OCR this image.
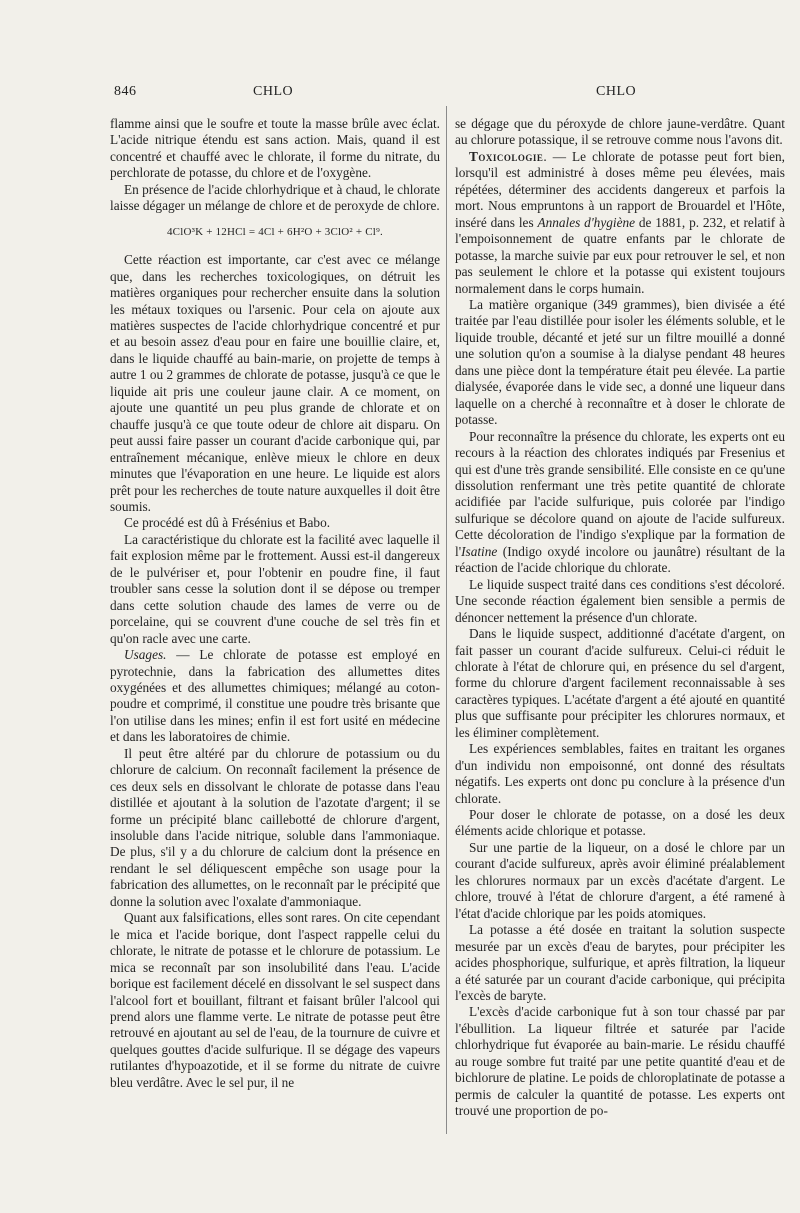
846	CHLO	CHLO

flamme ainsi que le soufre et toute la masse brûle avec éclat. L'acide nitrique étendu est sans action. Mais, quand il est concentré et chauffé avec le chlorate, il forme du nitrate, du perchlorate de potasse, du chlore et de l'oxygène.

En présence de l'acide chlorhydrique et à chaud, le chlorate laisse dégager un mélange de chlore et de peroxyde de chlore.

4ClO³K + 12HCl = 4Cl + 6H²O + 3ClO² + Cl⁹.

Cette réaction est importante, car c'est avec ce mélange que, dans les recherches toxicologiques, on détruit les matières organiques pour rechercher ensuite dans la solution les métaux toxiques ou l'arsenic. Pour cela on ajoute aux matières suspectes de l'acide chlorhydrique concentré et pur et au besoin assez d'eau pour en faire une bouillie claire, et, dans le liquide chauffé au bain-marie, on projette de temps à autre 1 ou 2 grammes de chlorate de potasse, jusqu'à ce que le liquide ait pris une couleur jaune clair. A ce moment, on ajoute une quantité un peu plus grande de chlorate et on chauffe jusqu'à ce que toute odeur de chlore ait disparu. On peut aussi faire passer un courant d'acide carbonique qui, par entraînement mécanique, enlève mieux le chlore en deux minutes que l'évaporation en une heure. Le liquide est alors prêt pour les recherches de toute nature auxquelles il doit être soumis.

Ce procédé est dû à Frésénius et Babo.

La caractéristique du chlorate est la facilité avec laquelle il fait explosion même par le frottement. Aussi est-il dangereux de le pulvériser et, pour l'obtenir en poudre fine, il faut troubler sans cesse la solution dont il se dépose ou tremper dans cette solution chaude des lames de verre ou de porcelaine, qui se couvrent d'une couche de sel très fin et qu'on racle avec une carte.

Usages. — Le chlorate de potasse est employé en pyrotechnie, dans la fabrication des allumettes dites oxygénées et des allumettes chimiques; mélangé au coton-poudre et comprimé, il constitue une poudre très brisante que l'on utilise dans les mines; enfin il est fort usité en médecine et dans les laboratoires de chimie.

Il peut être altéré par du chlorure de potassium ou du chlorure de calcium. On reconnaît facilement la présence de ces deux sels en dissolvant le chlorate de potasse dans l'eau distillée et ajoutant à la solution de l'azotate d'argent; il se forme un précipité blanc caillebotté de chlorure d'argent, insoluble dans l'acide nitrique, soluble dans l'ammoniaque. De plus, s'il y a du chlorure de calcium dont la présence en rendant le sel déliquescent empêche son usage pour la fabrication des allumettes, on le reconnaît par le précipité que donne la solution avec l'oxalate d'ammoniaque.

Quant aux falsifications, elles sont rares. On cite cependant le mica et l'acide borique, dont l'aspect rappelle celui du chlorate, le nitrate de potasse et le chlorure de potassium. Le mica se reconnaît par son insolubilité dans l'eau. L'acide borique est facilement décelé en dissolvant le sel suspect dans l'alcool fort et bouillant, filtrant et faisant brûler l'alcool qui prend alors une flamme verte. Le nitrate de potasse peut être retrouvé en ajoutant au sel de l'eau, de la tournure de cuivre et quelques gouttes d'acide sulfurique. Il se dégage des vapeurs rutilantes d'hypoazotide, et il se forme du nitrate de cuivre bleu verdâtre. Avec le sel pur, il ne

se dégage que du péroxyde de chlore jaune-verdâtre. Quant au chlorure potassique, il se retrouve comme nous l'avons dit.

Toxicologie. — Le chlorate de potasse peut fort bien, lorsqu'il est administré à doses même peu élevées, mais répétées, déterminer des accidents dangereux et parfois la mort. Nous empruntons à un rapport de Brouardel et l'Hôte, inséré dans les Annales d'hygiène de 1881, p. 232, et relatif à l'empoisonnement de quatre enfants par le chlorate de potasse, la marche suivie par eux pour retrouver le sel, et non pas seulement le chlore et la potasse qui existent toujours normalement dans le corps humain.

La matière organique (349 grammes), bien divisée a été traitée par l'eau distillée pour isoler les éléments soluble, et le liquide trouble, décanté et jeté sur un filtre mouillé a donné une solution qu'on a soumise à la dialyse pendant 48 heures dans une pièce dont la température était peu élevée. La partie dialysée, évaporée dans le vide sec, a donné une liqueur dans laquelle on a cherché à reconnaître et à doser le chlorate de potasse.

Pour reconnaître la présence du chlorate, les experts ont eu recours à la réaction des chlorates indiqués par Fresenius et qui est d'une très grande sensibilité. Elle consiste en ce qu'une dissolution renfermant une très petite quantité de chlorate acidifiée par l'acide sulfurique, puis colorée par l'indigo sulfurique se décolore quand on ajoute de l'acide sulfureux. Cette décoloration de l'indigo s'explique par la formation de l'Isatine (Indigo oxydé incolore ou jaunâtre) résultant de la réaction de l'acide chlorique du chlorate.

Le liquide suspect traité dans ces conditions s'est décoloré. Une seconde réaction également bien sensible a permis de dénoncer nettement la présence d'un chlorate.

Dans le liquide suspect, additionné d'acétate d'argent, on fait passer un courant d'acide sulfureux. Celui-ci réduit le chlorate à l'état de chlorure qui, en présence du sel d'argent, forme du chlorure d'argent facilement reconnaissable à ses caractères typiques. L'acétate d'argent a été ajouté en quantité plus que suffisante pour précipiter les chlorures normaux, et les éliminer complètement.

Les expériences semblables, faites en traitant les organes d'un individu non empoisonné, ont donné des résultats négatifs. Les experts ont donc pu conclure à la présence d'un chlorate.

Pour doser le chlorate de potasse, on a dosé les deux éléments acide chlorique et potasse.

Sur une partie de la liqueur, on a dosé le chlore par un courant d'acide sulfureux, après avoir éliminé préalablement les chlorures normaux par un excès d'acétate d'argent. Le chlore, trouvé à l'état de chlorure d'argent, a été ramené à l'état d'acide chlorique par les poids atomiques.

La potasse a été dosée en traitant la solution suspecte mesurée par un excès d'eau de barytes, pour précipiter les acides phosphorique, sulfurique, et après filtration, la liqueur a été saturée par un courant d'acide carbonique, qui précipita l'excès de baryte.

L'excès d'acide carbonique fut à son tour chassé par par l'ébullition. La liqueur filtrée et saturée par l'acide chlorhydrique fut évaporée au bain-marie. Le résidu chauffé au rouge sombre fut traité par une petite quantité d'eau et de bichlorure de platine. Le poids de chloroplatinate de potasse a permis de calculer la quantité de potasse. Les experts ont trouvé une proportion de po-
